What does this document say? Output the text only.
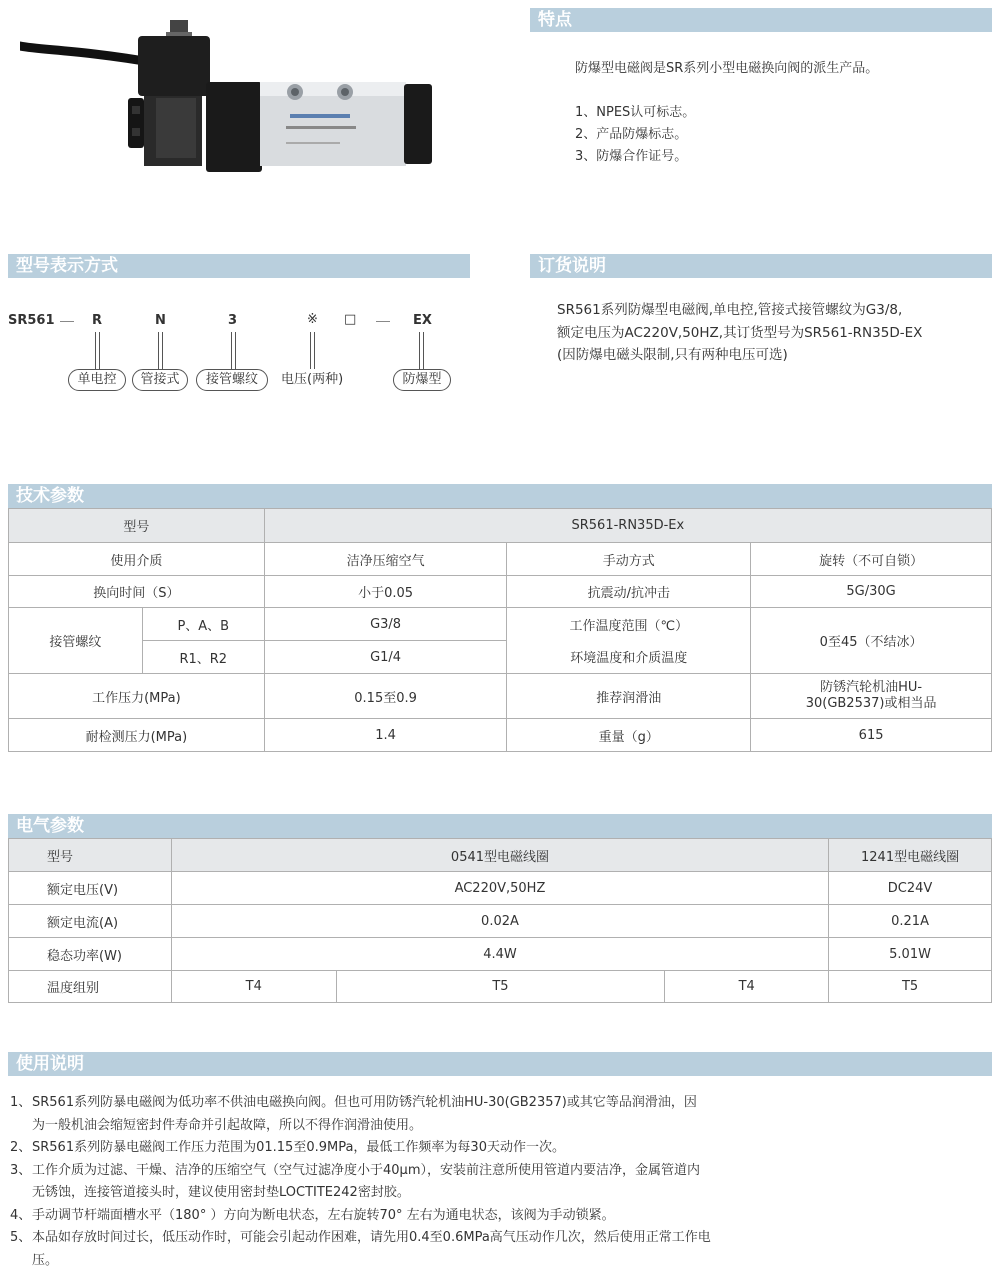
特点
防爆型电磁阀是SR系列小型电磁换向阀的派生产品。
1、NPES认可标志。
2、产品防爆标志。
3、防爆合作证号。
型号表示方式
SR561	R	N	3	※ □	EX
单电控	管接式	接管螺纹	电压(两种)	防爆型
订货说明
SR561系列防爆型电磁阀,单电控,管接式接管螺纹为G3/8,
额定电压为AC220V,50HZ,其订货型号为SR561-RN35D-EX
(因防爆电磁头限制,只有两种电压可选)
技术参数
型号		SR561-RN35D-Ex		
使用介质		洁净压缩空气	手动方式	旋转（不可自锁）
换向时间（S）		小于0.05	抗震动/抗冲击	5G/30G
接管螺纹	P、A、B	G3/8	工作温度范围（℃）	0至45（不结冰）
	R1、R2	G1/4	环境温度和介质温度	
工作压力(MPa)		0.15至0.9	推荐润滑油	防锈汽轮机油HU-
30(GB2537)或相当品

耐检测压力(MPa)		1.4	重量（g）	615
电气参数
型号	0541型电磁线圈			1241型电磁线圈
额定电压(V)	AC220V,50HZ			DC24V
额定电流(A)	0.02A			0.21A
稳态功率(W)	4.4W			5.01W
温度组别	T4	T5	T4	T5
使用说明
1、 SR561系列防暴电磁阀为低功率不供油电磁换向阀。但也可用防锈汽轮机油HU-30(GB2357)或其它等品润滑油，因
为一般机油会缩短密封件寿命并引起故障，所以不得作润滑油使用。
2、 SR561系列防暴电磁阀工作压力范围为01.15至0.9MPa，最低工作频率为每30天动作一次。
3、 工作介质为过滤、干燥、洁净的压缩空气（空气过滤净度小于40μm），安装前注意所使用管道内要洁净，金属管道内
无锈蚀，连接管道接头时，建议使用密封垫LOCTITE242密封胶。
4、 手动调节杆端面槽水平（180° ）方向为断电状态，左右旋转70° 左右为通电状态，该阀为手动锁紧。
5、 本品如存放时间过长，低压动作时，可能会引起动作困难，请先用0.4至0.6MPa高气压动作几次，然后使用正常工作电
压。
